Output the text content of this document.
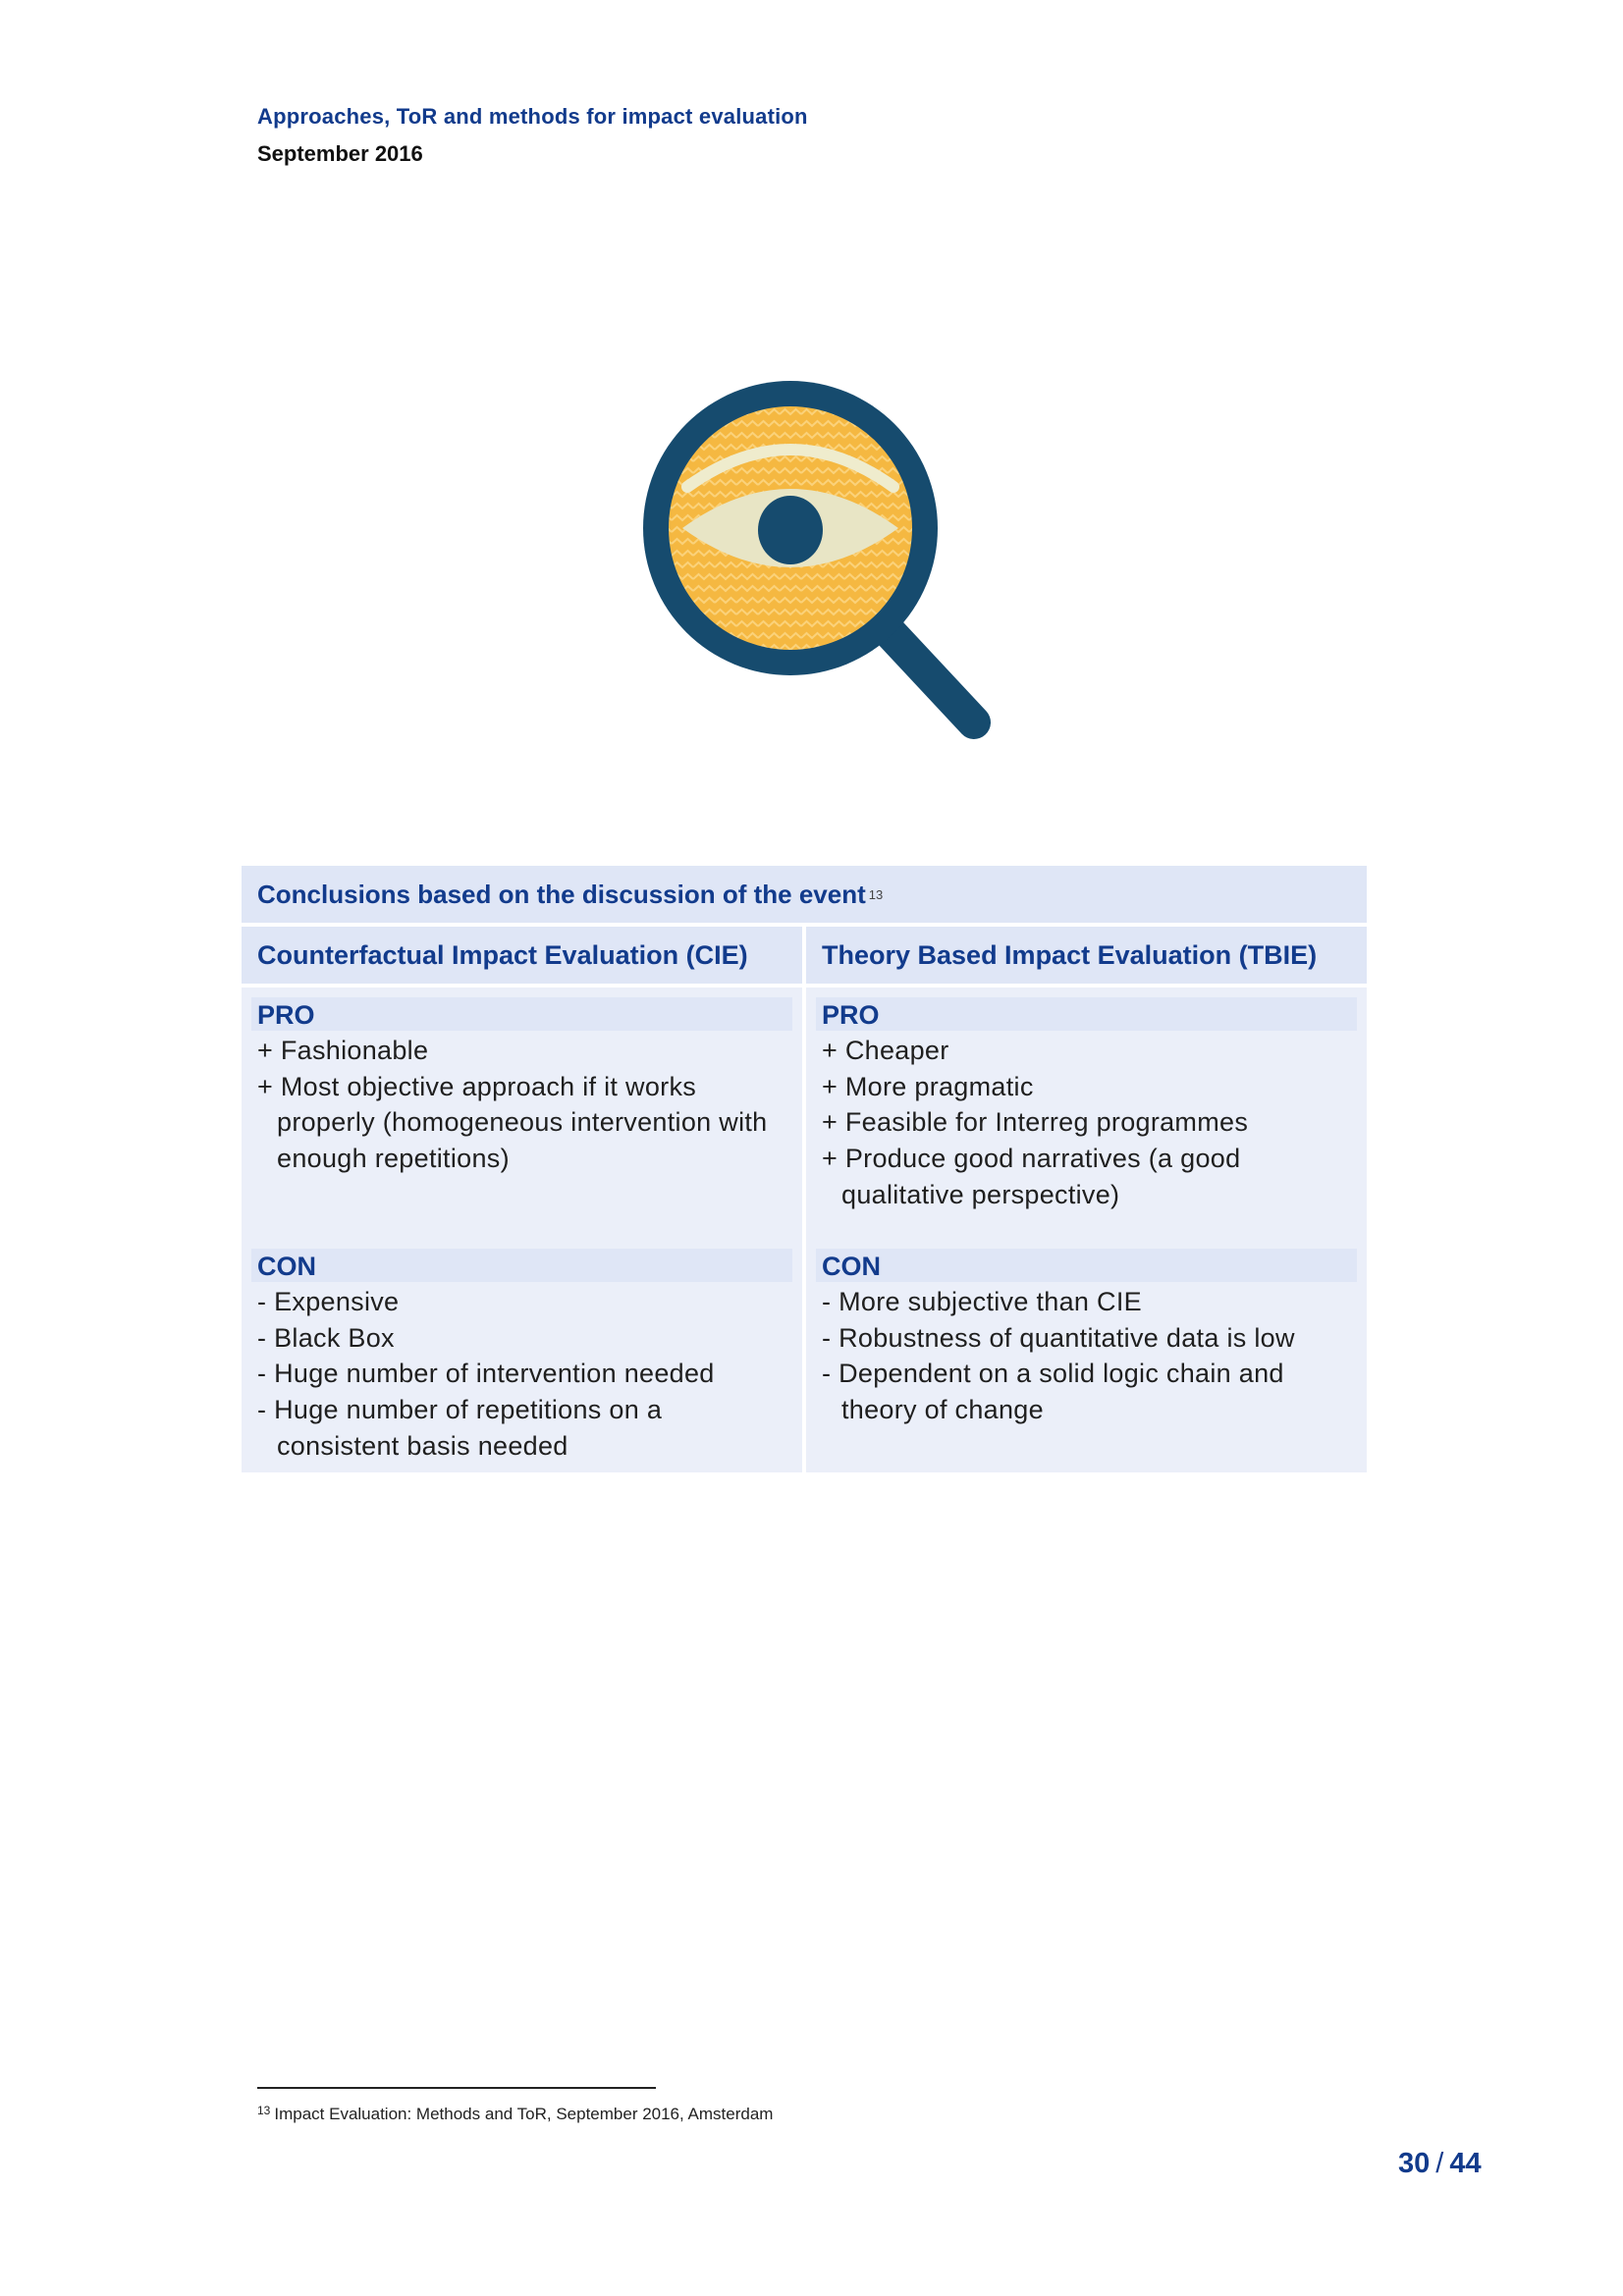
Approaches, ToR and methods for impact evaluation
September 2016
Conclusions based on the discussion of the event 13
Counterfactual Impact Evaluation (CIE)	Theory Based Impact Evaluation (TBIE)
PRO
+ Fashionable
+ Most objective approach if it works properly (homogeneous intervention with enough repetitions)
CON
- Expensive
- Black Box
- Huge number of intervention needed
- Huge number of repetitions on a consistent basis needed
PRO
+ Cheaper
+ More pragmatic
+ Feasible for Interreg programmes
+ Produce good narratives (a good qualitative perspective)
CON
- More subjective than CIE
- Robustness of quantitative data is low
- Dependent on a solid logic chain and theory of change
$^{13}$ Impact Evaluation: Methods and ToR, September 2016, Amsterdam
30 / 44
